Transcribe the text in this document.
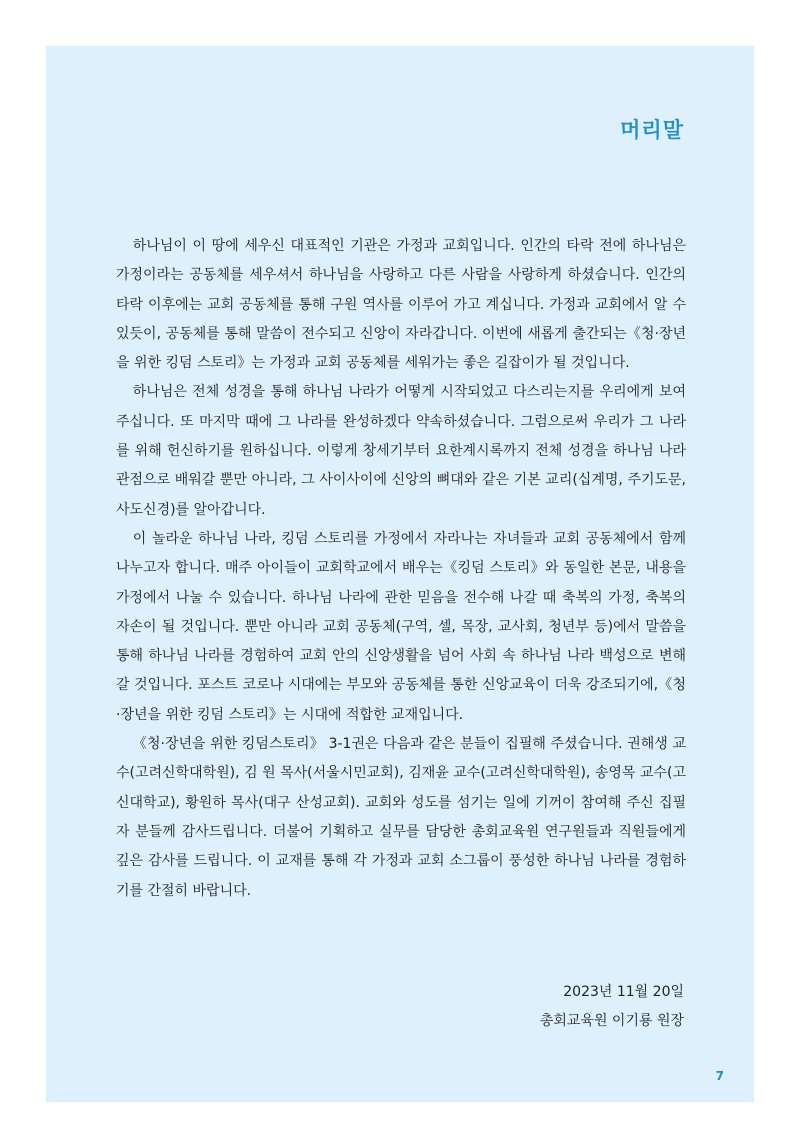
머리말

하나님이 이 땅에 세우신 대표적인 기관은 가정과 교회입니다. 인간의 타락 전에 하나님은 가정이라는 공동체를 세우셔서 하나님을 사랑하고 다른 사람을 사랑하게 하셨습니다. 인간의 타락 이후에는 교회 공동체를 통해 구원 역사를 이루어 가고 계십니다. 가정과 교회에서 알 수 있듯이, 공동체를 통해 말씀이 전수되고 신앙이 자라갑니다. 이번에 새롭게 출간되는《청·장년을 위한 킹덤 스토리》는 가정과 교회 공동체를 세워가는 좋은 길잡이가 될 것입니다.

하나님은 전체 성경을 통해 하나님 나라가 어떻게 시작되었고 다스리는지를 우리에게 보여주십니다. 또 마지막 때에 그 나라를 완성하겠다 약속하셨습니다. 그럼으로써 우리가 그 나라를 위해 헌신하기를 원하십니다. 이렇게 창세기부터 요한계시록까지 전체 성경을 하나님 나라 관점으로 배워갈 뿐만 아니라, 그 사이사이에 신앙의 뼈대와 같은 기본 교리(십계명, 주기도문, 사도신경)를 알아갑니다.

이 놀라운 하나님 나라, 킹덤 스토리를 가정에서 자라나는 자녀들과 교회 공동체에서 함께 나누고자 합니다. 매주 아이들이 교회학교에서 배우는《킹덤 스토리》와 동일한 본문, 내용을 가정에서 나눌 수 있습니다. 하나님 나라에 관한 믿음을 전수해 나갈 때 축복의 가정, 축복의 자손이 될 것입니다. 뿐만 아니라 교회 공동체(구역, 셀, 목장, 교사회, 청년부 등)에서 말씀을 통해 하나님 나라를 경험하여 교회 안의 신앙생활을 넘어 사회 속 하나님 나라 백성으로 변해 갈 것입니다. 포스트 코로나 시대에는 부모와 공동체를 통한 신앙교육이 더욱 강조되기에,《청·장년을 위한 킹덤 스토리》는 시대에 적합한 교재입니다.

《청·장년을 위한 킹덤스토리》 3-1권은 다음과 같은 분들이 집필해 주셨습니다. 권해생 교수(고려신학대학원), 김 원 목사(서울시민교회), 김재윤 교수(고려신학대학원), 송영목 교수(고신대학교), 황원하 목사(대구 산성교회). 교회와 성도를 섬기는 일에 기꺼이 참여해 주신 집필자 분들께 감사드립니다. 더불어 기획하고 실무를 담당한 총회교육원 연구원들과 직원들에게 깊은 감사를 드립니다. 이 교재를 통해 각 가정과 교회 소그룹이 풍성한 하나님 나라를 경험하기를 간절히 바랍니다.

2023년 11월 20일
총회교육원 이기룡 원장
7
